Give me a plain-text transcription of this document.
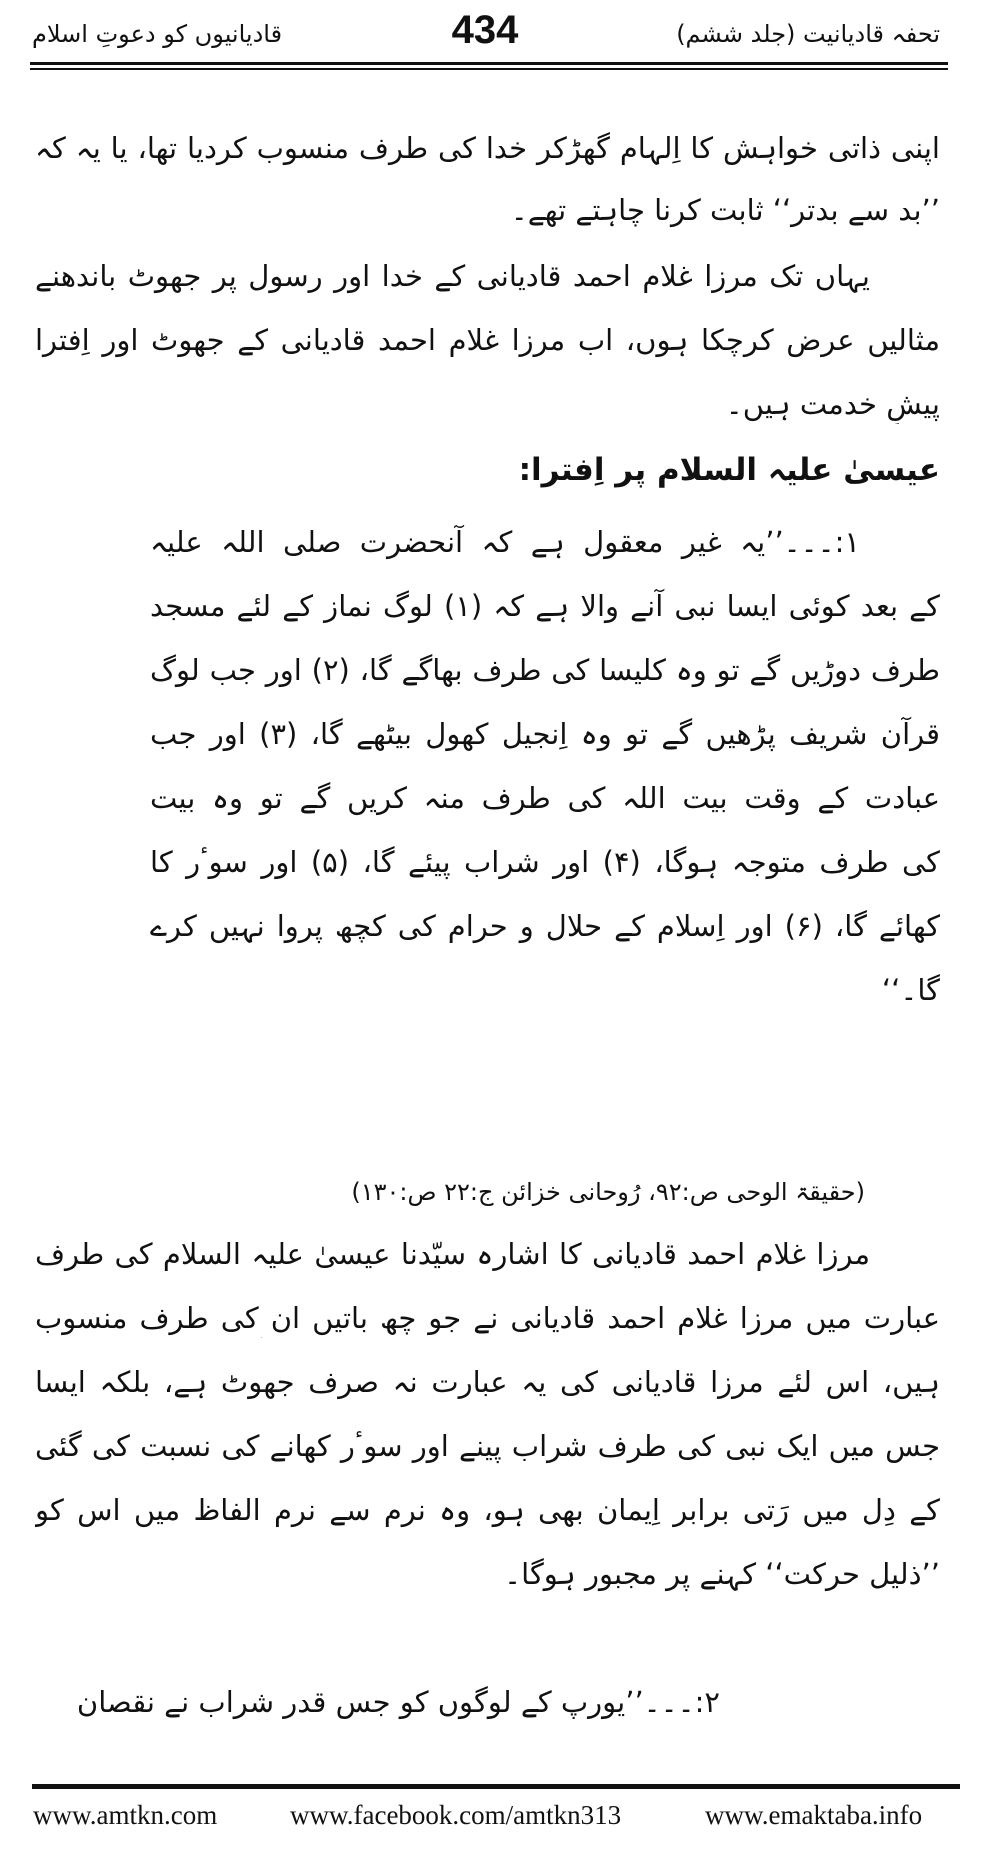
تحفہ قادیانیت (جلد ششم)
434
قادیانیوں کو دعوتِ اسلام
اپنی ذاتی خواہش کا اِلہام گھڑکر خدا کی طرف منسوب کردیا تھا، یا یہ کہ
’’بد سے بدتر‘‘ ثابت کرنا چاہتے تھے۔
یہاں تک مرزا غلام احمد قادیانی کے خدا اور رسول پر جھوٹ باندھنے
مثالیں عرض کرچکا ہوں، اب مرزا غلام احمد قادیانی کے جھوٹ اور اِفترا
پیشِ خدمت ہیں۔
عیسیٰ علیہ السلام پر اِفترا:
۱:۔۔۔’’یہ غیر معقول ہے کہ آنحضرت صلی اللہ علیہ
کے بعد کوئی ایسا نبی آنے والا ہے کہ (۱) لوگ نماز کے لئے مسجد
طرف دوڑیں گے تو وہ کلیسا کی طرف بھاگے گا، (۲) اور جب لوگ
قرآن شریف پڑھیں گے تو وہ اِنجیل کھول بیٹھے گا، (۳) اور جب
عبادت کے وقت بیت اللہ کی طرف منہ کریں گے تو وہ بیت
کی طرف متوجہ ہوگا، (۴) اور شراب پیئے گا، (۵) اور سوٴر کا
کھائے گا، (۶) اور اِسلام کے حلال و حرام کی کچھ پروا نہیں کرے
گا۔‘‘
(حقیقۃ الوحی ص:۹۲، رُوحانی خزائن ج:۲۲ ص:۱۳۰)
مرزا غلام احمد قادیانی کا اشارہ سیّدنا عیسیٰ علیہ السلام کی طرف
عبارت میں مرزا غلام احمد قادیانی نے جو چھ باتیں ان کی طرف منسوب
ہیں، اس لئے مرزا قادیانی کی یہ عبارت نہ صرف جھوٹ ہے، بلکہ ایسا
جس میں ایک نبی کی طرف شراب پینے اور سوٴر کھانے کی نسبت کی گئی
کے دِل میں رَتی برابر اِیمان بھی ہو، وہ نرم سے نرم الفاظ میں اس کو
’’ذلیل حرکت‘‘ کہنے پر مجبور ہوگا۔
۲:۔۔۔’’یورپ کے لوگوں کو جس قدر شراب نے نقصان
www.amtkn.com	www.facebook.com/amtkn313	www.emaktaba.info
